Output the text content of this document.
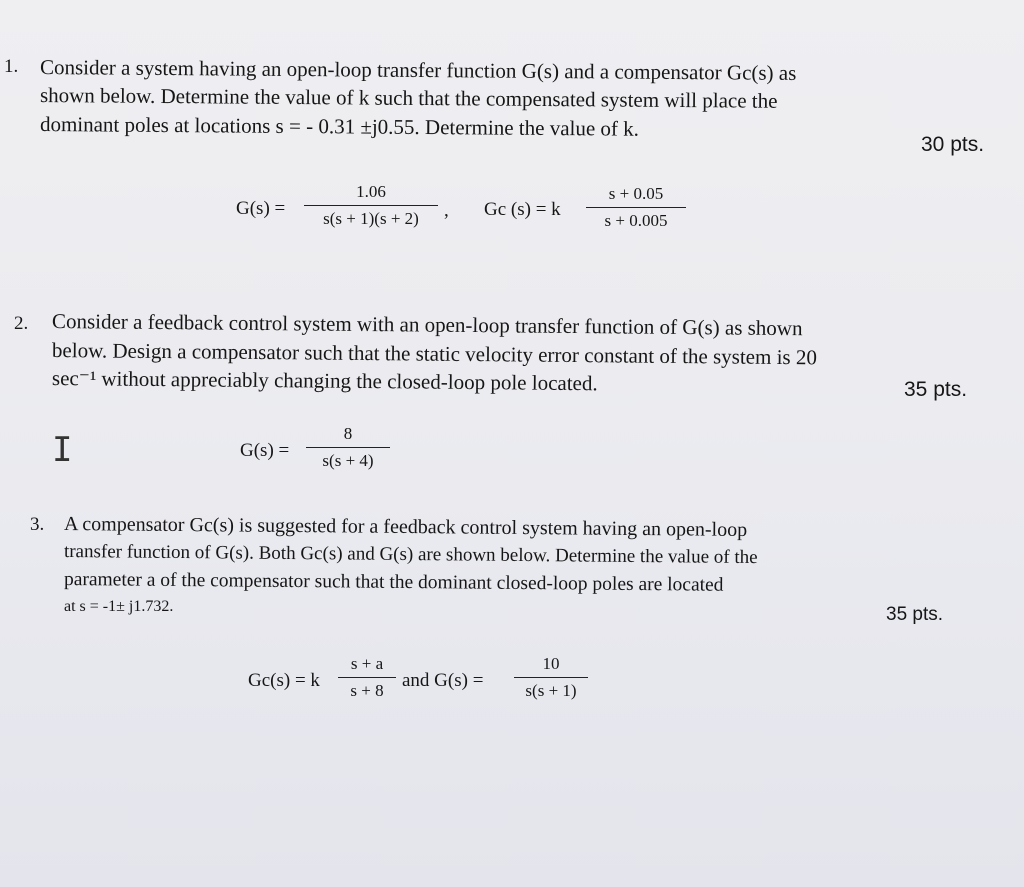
1. Consider a system having an open-loop transfer function G(s) and a compensator Gc(s) as
shown below. Determine the value of k such that the compensated system will place the
dominant poles at locations s = - 0.31 ±j0.55. Determine the value of k.
30 pts.
$G(s) = \frac{1.06}{s(s + 1)(s + 2)}$ , Gc (s) = k $\frac{s + 0.05}{s + 0.005}$
2. Consider a feedback control system with an open-loop transfer function of G(s) as shown
below. Design a compensator such that the static velocity error constant of the system is 20
sec⁻¹ without appreciably changing the closed-loop pole located.	35 pts.
I	$G(s) = \frac{8}{s(s + 4)}$
3. A compensator Gc(s) is suggested for a feedback control system having an open-loop
transfer function of G(s). Both Gc(s) and G(s) are shown below. Determine the value of the
parameter a of the compensator such that the dominant closed-loop poles are located
at s = -1± j1.732.	35 pts.
Gc(s) = k $\frac{s + a}{s + 8}$ and $G(s) = \frac{10}{s(s + 1)}$
